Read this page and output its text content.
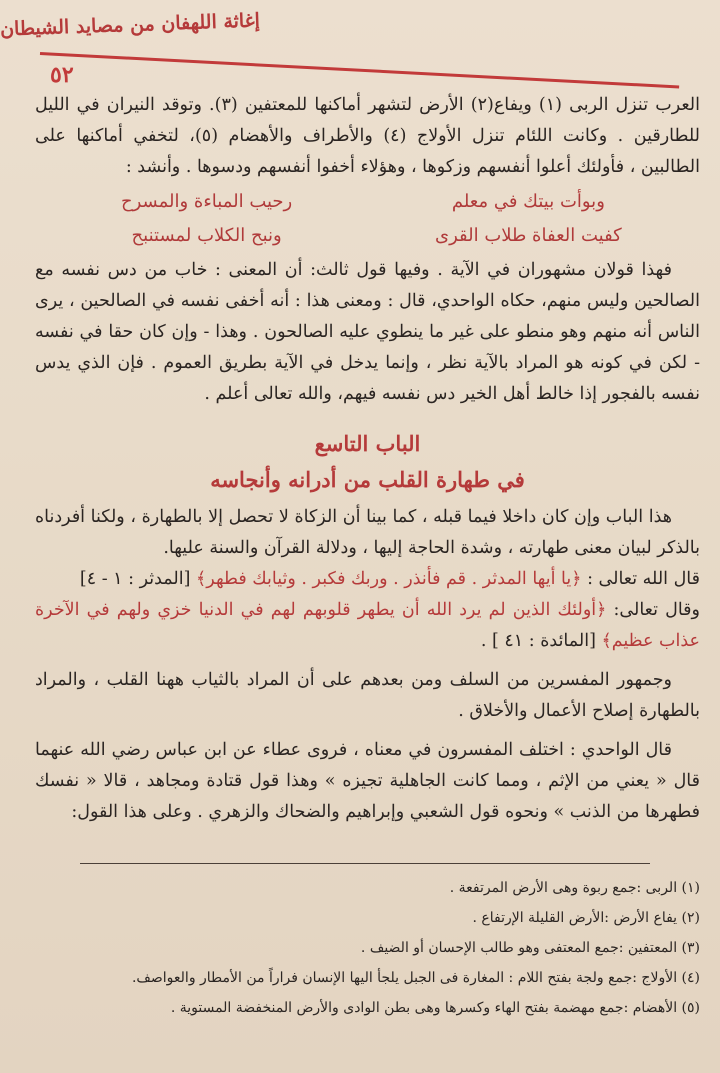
إغاثة اللهفان من مصايد الشيطان
٥٢

العرب تنزل الربى (١) ويفاع(٢) الأرض لتشهر أماكنها للمعتفين (٣). وتوقد النيران في الليل للطارقين . وكانت اللئام تنزل الأولاج (٤) والأطراف والأهضام (٥)، لتخفي أماكنها على الطالبين ، فأولئك أعلوا أنفسهم وزكوها ، وهؤلاء أخفوا أنفسهم ودسوها . وأنشد :

وبوأت بيتك في معلم
رحيب المباءة والمسرح
كفيت العفاة طلاب القرى
ونبح الكلاب لمستنبح

فهذا قولان مشهوران في الآية . وفيها قول ثالث: أن المعنى : خاب من دس نفسه مع الصالحين وليس منهم، حكاه الواحدي، قال : ومعنى هذا : أنه أخفى نفسه في الصالحين ، يرى الناس أنه منهم وهو منطو على غير ما ينطوي عليه الصالحون . وهذا - وإن كان حقا في نفسه - لكن في كونه هو المراد بالآية نظر ، وإنما يدخل في الآية بطريق العموم . فإن الذي يدس نفسه بالفجور إذا خالط أهل الخير دس نفسه فيهم، والله تعالى أعلم .

الباب التاسع
في طهارة القلب من أدرانه وأنجاسه

هذا الباب وإن كان داخلا فيما قبله ، كما بينا أن الزكاة لا تحصل إلا بالطهارة ، ولكنا أفردناه بالذكر لبيان معنى طهارته ، وشدة الحاجة إليها ، ودلالة القرآن والسنة عليها.

قال الله تعالى : ﴿يا أيها المدثر . قم فأنذر . وربك فكبر . وثيابك فطهر﴾ [المدثر : ١ - ٤]

وقال تعالى: ﴿أولئك الذين لم يرد الله أن يطهر قلوبهم لهم في الدنيا خزي ولهم في الآخرة عذاب عظيم﴾ [المائدة : ٤١ ] .

وجمهور المفسرين من السلف ومن بعدهم على أن المراد بالثياب ههنا القلب ، والمراد بالطهارة إصلاح الأعمال والأخلاق .

قال الواحدي : اختلف المفسرون في معناه ، فروى عطاء عن ابن عباس رضي الله عنهما قال « يعني من الإثم ، ومما كانت الجاهلية تجيزه » وهذا قول قتادة ومجاهد ، قالا « نفسك فطهرها من الذنب » ونحوه قول الشعبي وإبراهيم والضحاك والزهري . وعلى هذا القول:

(١) الربى :جمع ربوة وهى الأرض المرتفعة .
(٢) يفاع الأرض :الأرض القليلة الإرتفاع .
(٣) المعتفين :جمع المعتفى وهو طالب الإحسان أو الضيف .
(٤) الأولاج :جمع ولجة بفتح اللام : المغارة فى الجبل يلجأ اليها الإنسان فراراً من الأمطار والعواصف.
(٥) الأهضام :جمع مهضمة بفتح الهاء وكسرها وهى بطن الوادى والأرض المنخفضة المستوية .
